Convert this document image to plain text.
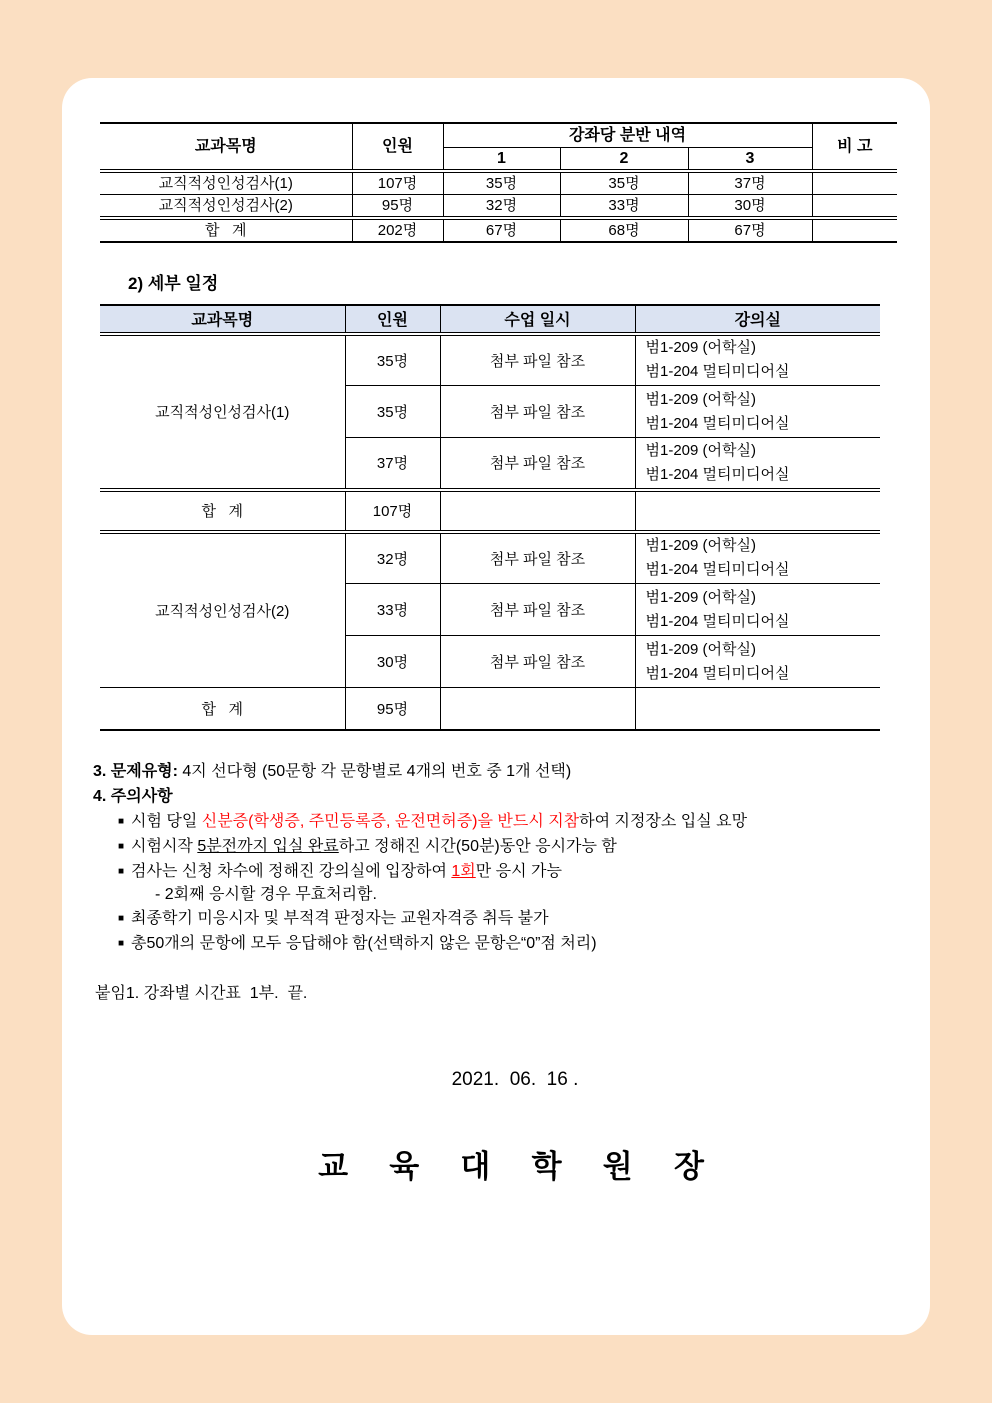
교과목명	인원	강좌당 분반 내역			비 고
		1	2	3	
교직적성인성검사(1)	107명	35명	35명	37명	
교직적성인성검사(2)	95명	32명	33명	30명	
합   계	202명	67명	68명	67명	
2) 세부 일정
교과목명	인원	수업 일시	강의실
교직적성인성검사(1)	35명	첨부 파일 참조	범1-209 (어학실)
범1-204 멀티미디어실

	35명	첨부 파일 참조	범1-209 (어학실)
범1-204 멀티미디어실

	37명	첨부 파일 참조	범1-209 (어학실)
범1-204 멀티미디어실

합   계	107명		
교직적성인성검사(2)	32명	첨부 파일 참조	범1-209 (어학실)
범1-204 멀티미디어실

	33명	첨부 파일 참조	범1-209 (어학실)
범1-204 멀티미디어실

	30명	첨부 파일 참조	범1-209 (어학실)
범1-204 멀티미디어실

합   계	95명		
3. 문제유형: 4지 선다형 (50문항 각 문항별로 4개의 번호 중 1개 선택)
4. 주의사항
■ 시험 당일 신분증(학생증, 주민등록증, 운전면허증)을 반드시 지참하여 지정장소 입실 요망
■ 시험시작 5분전까지 입실 완료하고 정해진 시간(50분)동안 응시가능 함
■ 검사는 신청 차수에 정해진 강의실에 입장하여 1회만 응시 가능
- 2회째 응시할 경우 무효처리함.
■ 최종학기 미응시자 및 부적격 판정자는 교원자격증 취득 불가
■ 총50개의 문항에 모두 응답해야 함(선택하지 않은 문항은“0”점 처리)
붙임1. 강좌별 시간표  1부.  끝.
2021.  06.  16 .
교  육  대  학  원  장
